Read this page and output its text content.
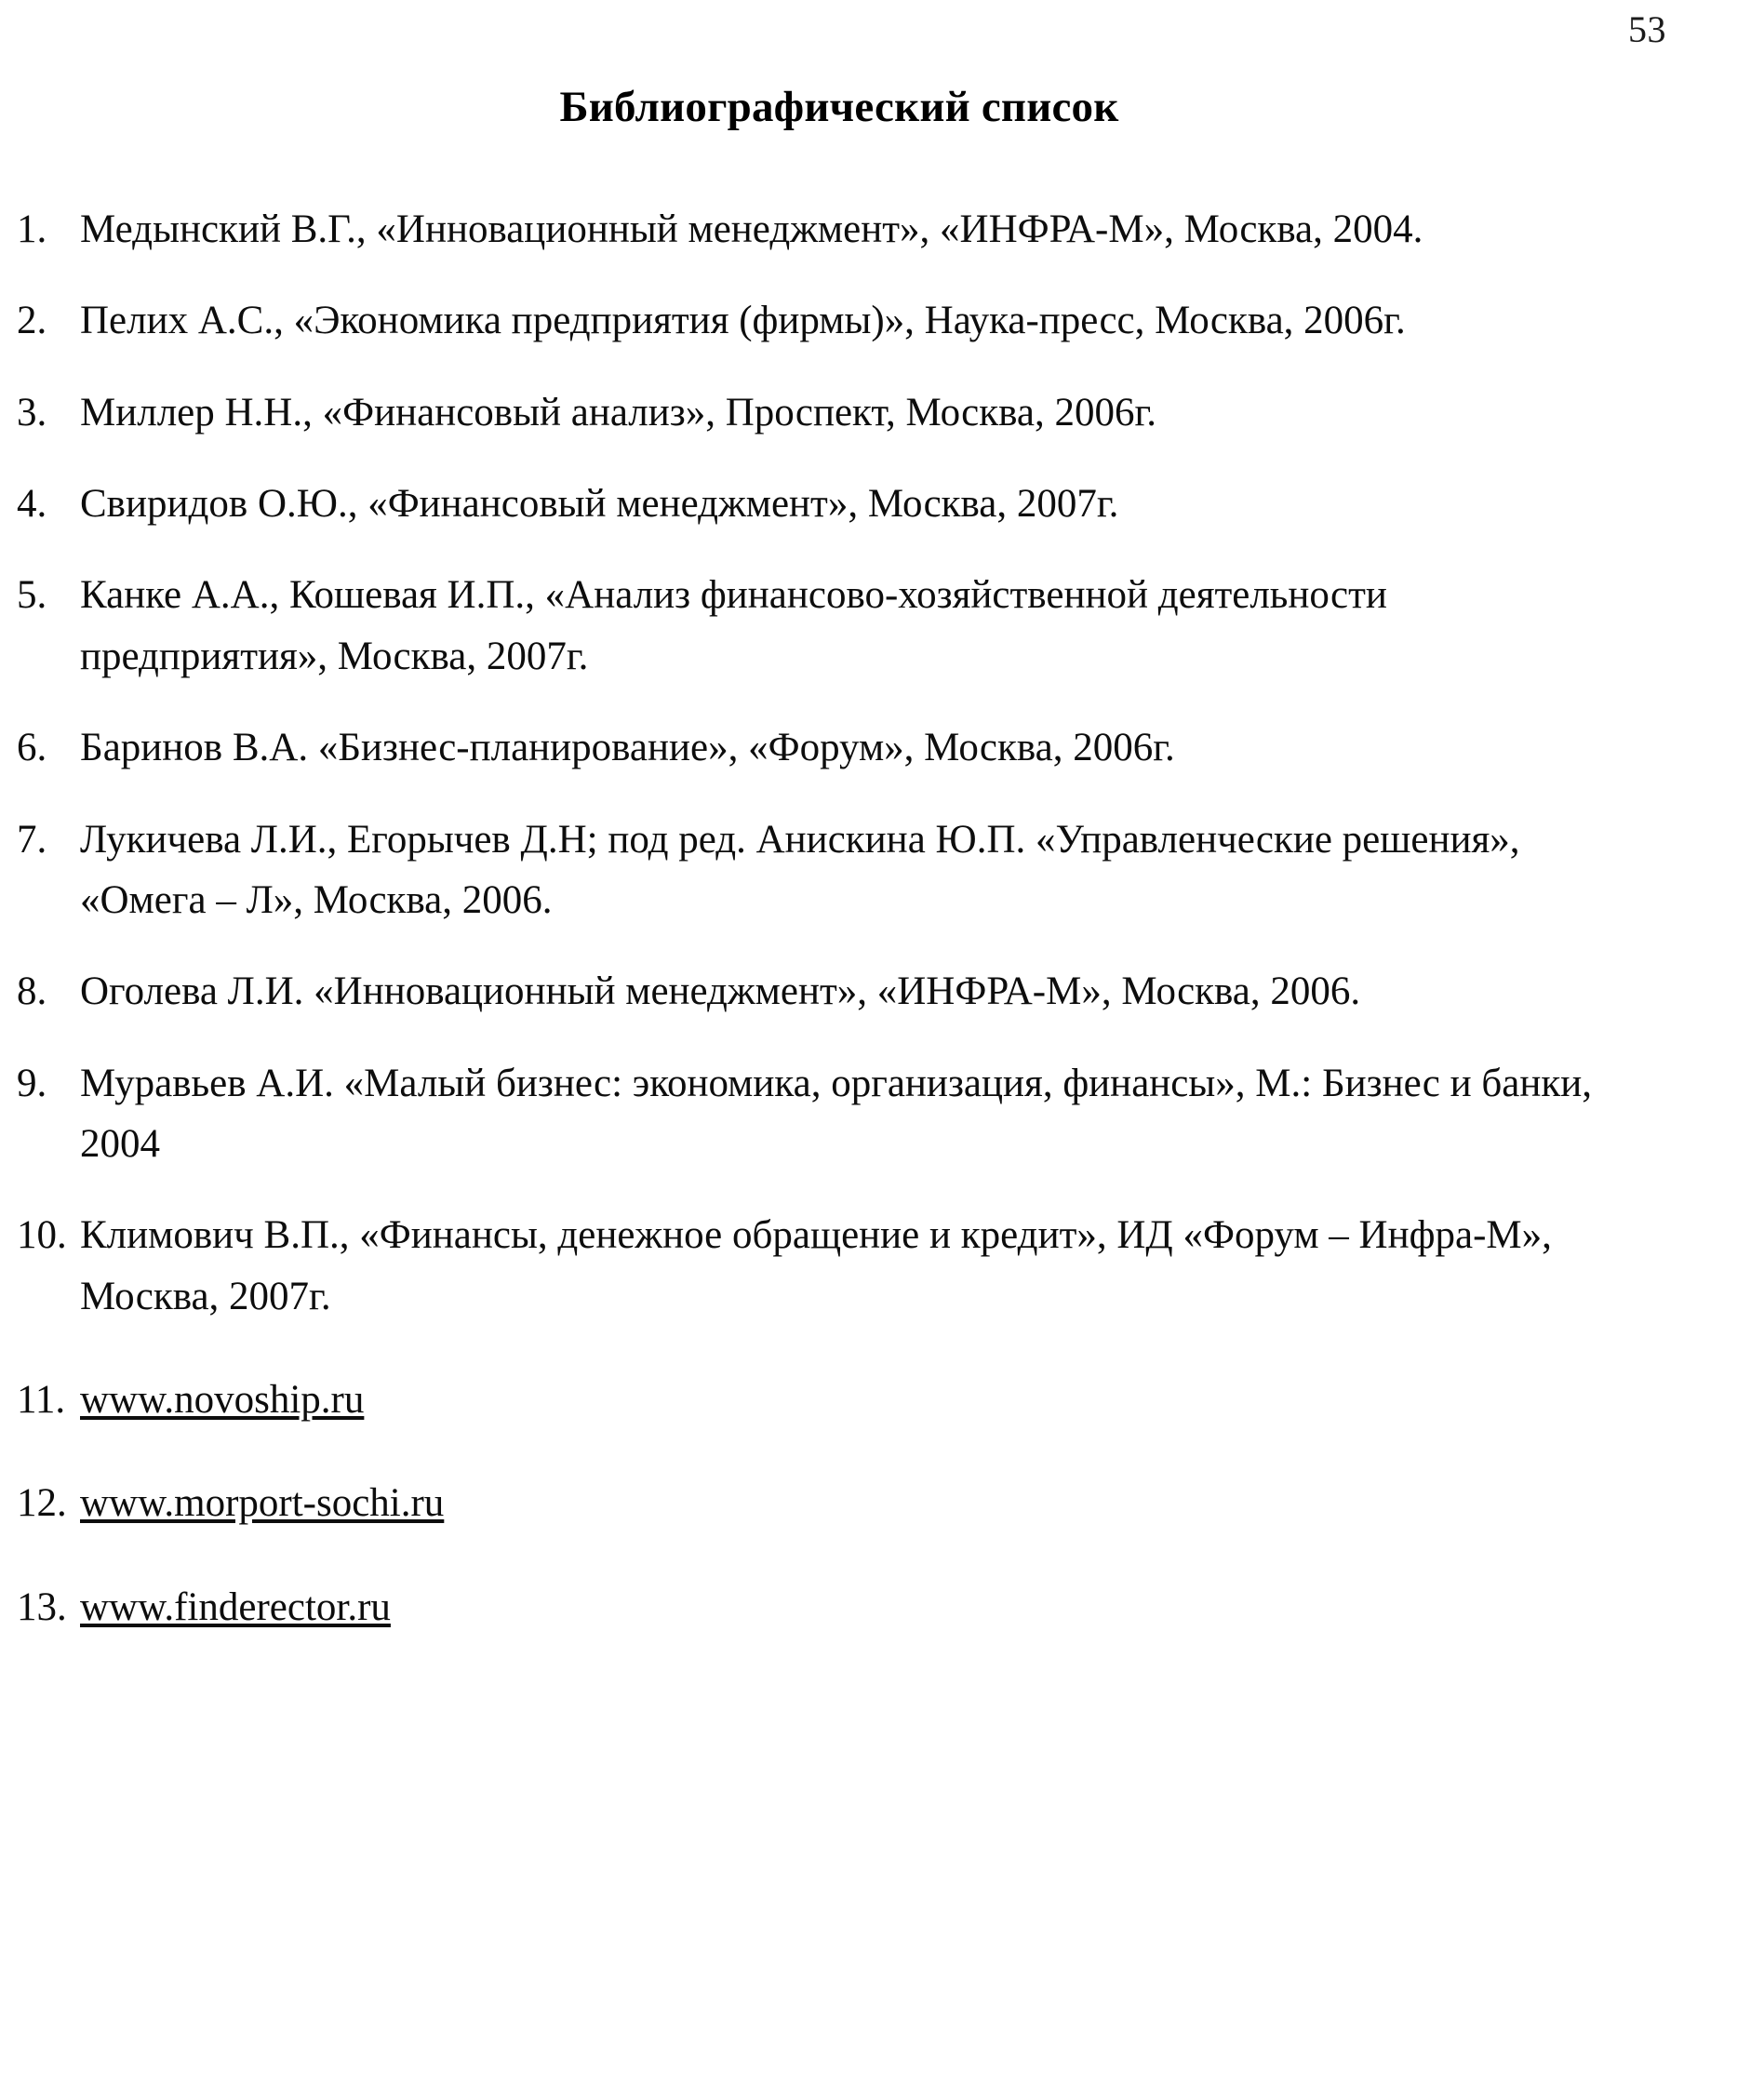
53
Библиографический список
1. Медынский В.Г., «Инновационный менеджмент», «ИНФРА-М», Москва, 2004.
2. Пелих А.С., «Экономика предприятия (фирмы)», Наука-пресс, Москва, 2006г.
3. Миллер Н.Н., «Финансовый анализ», Проспект, Москва, 2006г.
4. Свиридов О.Ю., «Финансовый менеджмент», Москва, 2007г.
5. Канке А.А., Кошевая И.П., «Анализ финансово-хозяйственной деятельности предприятия», Москва, 2007г.
6. Баринов В.А. «Бизнес-планирование», «Форум», Москва, 2006г.
7. Лукичева Л.И., Егорычев Д.Н; под ред. Анискина Ю.П. «Управленческие решения», «Омега – Л», Москва, 2006.
8. Оголева Л.И. «Инновационный менеджмент», «ИНФРА-М», Москва, 2006.
9. Муравьев А.И. «Малый бизнес: экономика, организация, финансы», М.: Бизнес и банки, 2004
10. Климович В.П., «Финансы, денежное обращение и кредит», ИД «Форум – Инфра-М», Москва, 2007г.
11. www.novoship.ru
12. www.morport-sochi.ru
13. www.finderector.ru
